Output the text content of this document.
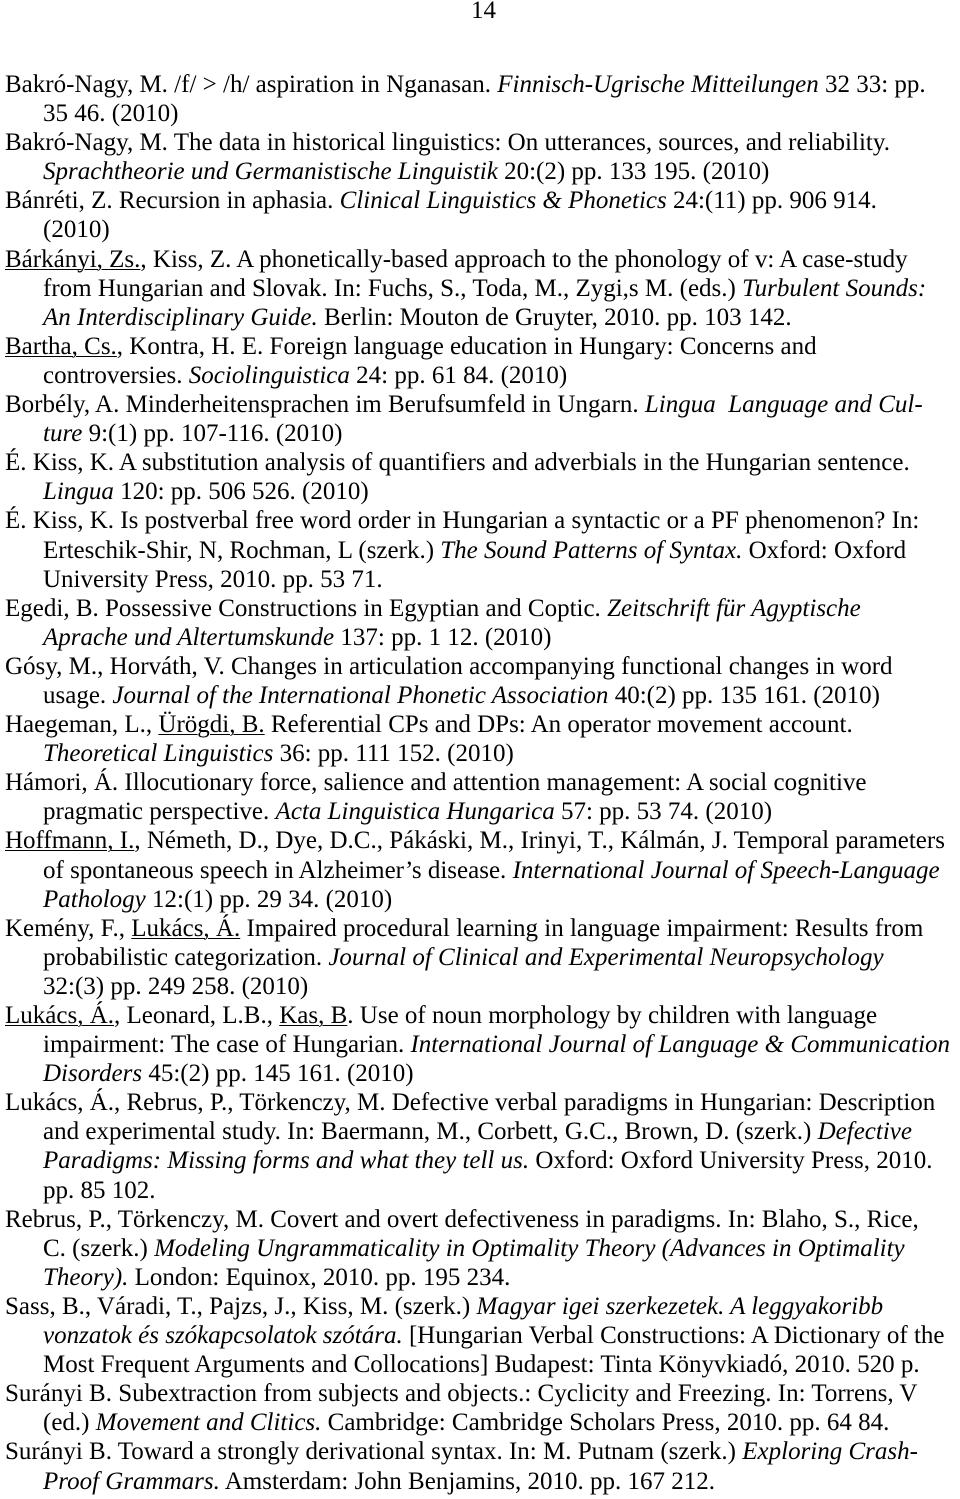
14
Bakró-Nagy, M. /f/ > /h/ aspiration in Nganasan. Finnisch-Ugrische Mitteilungen 32 33: pp.
35 46. (2010)
Bakró-Nagy, M. The data in historical linguistics: On utterances, sources, and reliability.
Sprachtheorie und Germanistische Linguistik 20:(2) pp. 133 195. (2010)
Bánréti, Z. Recursion in aphasia. Clinical Linguistics & Phonetics 24:(11) pp. 906 914.
(2010)
Bárkányi, Zs., Kiss, Z. A phonetically-based approach to the phonology of v: A case-study
from Hungarian and Slovak. In: Fuchs, S., Toda, M., Zygi,s M. (eds.) Turbulent Sounds:
An Interdisciplinary Guide. Berlin: Mouton de Gruyter, 2010. pp. 103 142.
Bartha, Cs., Kontra, H. E. Foreign language education in Hungary: Concerns and
controversies. Sociolinguistica 24: pp. 61 84. (2010)
Borbély, A. Minderheitensprachen im Berufsumfeld in Ungarn. Lingua  Language and Cul-
ture 9:(1) pp. 107-116. (2010)
É. Kiss, K. A substitution analysis of quantifiers and adverbials in the Hungarian sentence.
Lingua 120: pp. 506 526. (2010)
É. Kiss, K. Is postverbal free word order in Hungarian a syntactic or a PF phenomenon? In:
Erteschik-Shir, N, Rochman, L (szerk.) The Sound Patterns of Syntax. Oxford: Oxford
University Press, 2010. pp. 53 71.
Egedi, B. Possessive Constructions in Egyptian and Coptic. Zeitschrift für Agyptische
Aprache und Altertumskunde 137: pp. 1 12. (2010)
Gósy, M., Horváth, V. Changes in articulation accompanying functional changes in word
usage. Journal of the International Phonetic Association 40:(2) pp. 135 161. (2010)
Haegeman, L., Ürögdi, B. Referential CPs and DPs: An operator movement account.
Theoretical Linguistics 36: pp. 111 152. (2010)
Hámori, Á. Illocutionary force, salience and attention management: A social cognitive
pragmatic perspective. Acta Linguistica Hungarica 57: pp. 53 74. (2010)
Hoffmann, I., Németh, D., Dye, D.C., Pákáski, M., Irinyi, T., Kálmán, J. Temporal parameters
of spontaneous speech in Alzheimer’s disease. International Journal of Speech-Language
Pathology 12:(1) pp. 29 34. (2010)
Kemény, F., Lukács, Á. Impaired procedural learning in language impairment: Results from
probabilistic categorization. Journal of Clinical and Experimental Neuropsychology
32:(3) pp. 249 258. (2010)
Lukács, Á., Leonard, L.B., Kas, B. Use of noun morphology by children with language
impairment: The case of Hungarian. International Journal of Language & Communication
Disorders 45:(2) pp. 145 161. (2010)
Lukács, Á., Rebrus, P., Törkenczy, M. Defective verbal paradigms in Hungarian: Description
and experimental study. In: Baermann, M., Corbett, G.C., Brown, D. (szerk.) Defective
Paradigms: Missing forms and what they tell us. Oxford: Oxford University Press, 2010.
pp. 85 102.
Rebrus, P., Törkenczy, M. Covert and overt defectiveness in paradigms. In: Blaho, S., Rice,
C. (szerk.) Modeling Ungrammaticality in Optimality Theory (Advances in Optimality
Theory). London: Equinox, 2010. pp. 195 234.
Sass, B., Váradi, T., Pajzs, J., Kiss, M. (szerk.) Magyar igei szerkezetek. A leggyakoribb
vonzatok és szókapcsolatok szótára. [Hungarian Verbal Constructions: A Dictionary of the
Most Frequent Arguments and Collocations] Budapest: Tinta Könyvkiadó, 2010. 520 p.
Surányi B. Subextraction from subjects and objects.: Cyclicity and Freezing. In: Torrens, V
(ed.) Movement and Clitics. Cambridge: Cambridge Scholars Press, 2010. pp. 64 84.
Surányi B. Toward a strongly derivational syntax. In: M. Putnam (szerk.) Exploring Crash-
Proof Grammars. Amsterdam: John Benjamins, 2010. pp. 167 212.
